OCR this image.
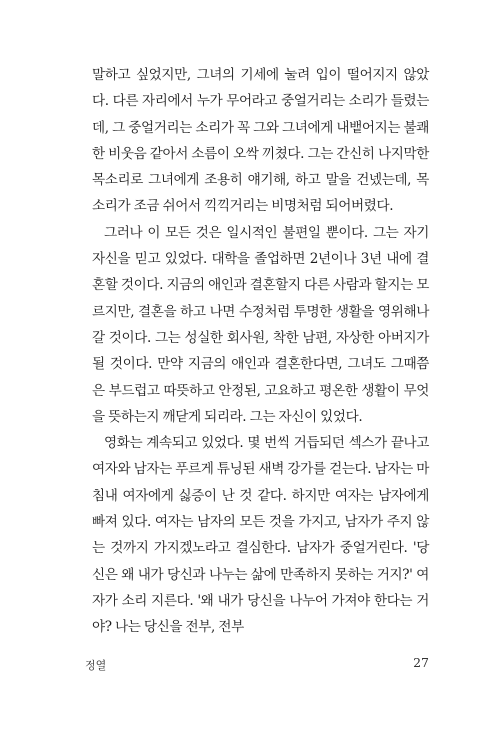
말하고 싶었지만, 그녀의 기세에 눌려 입이 떨어지지 않았다. 다른 자리에서 누가 무어라고 중얼거리는 소리가 들렸는데, 그 중얼거리는 소리가 꼭 그와 그녀에게 내뱉어지는 불쾌한 비웃음 같아서 소름이 오싹 끼쳤다. 그는 간신히 나지막한 목소리로 그녀에게 조용히 얘기해, 하고 말을 건넸는데, 목소리가 조금 쉬어서 끽끽거리는 비명처럼 되어버렸다.

그러나 이 모든 것은 일시적인 불편일 뿐이다. 그는 자기 자신을 믿고 있었다. 대학을 졸업하면 2년이나 3년 내에 결혼할 것이다. 지금의 애인과 결혼할지 다른 사람과 할지는 모르지만, 결혼을 하고 나면 수정처럼 투명한 생활을 영위해나갈 것이다. 그는 성실한 회사원, 착한 남편, 자상한 아버지가 될 것이다. 만약 지금의 애인과 결혼한다면, 그녀도 그때쯤은 부드럽고 따뜻하고 안정된, 고요하고 평온한 생활이 무엇을 뜻하는지 깨닫게 되리라. 그는 자신이 있었다.

영화는 계속되고 있었다. 몇 번씩 거듭되던 섹스가 끝나고 여자와 남자는 푸르게 튜닝된 새벽 강가를 걷는다. 남자는 마침내 여자에게 싫증이 난 것 같다. 하지만 여자는 남자에게 빠져 있다. 여자는 남자의 모든 것을 가지고, 남자가 주지 않는 것까지 가지겠노라고 결심한다. 남자가 중얼거린다. '당신은 왜 내가 당신과 나누는 삶에 만족하지 못하는 거지?' 여자가 소리 지른다. '왜 내가 당신을 나누어 가져야 한다는 거야? 나는 당신을 전부, 전부

정열	27
